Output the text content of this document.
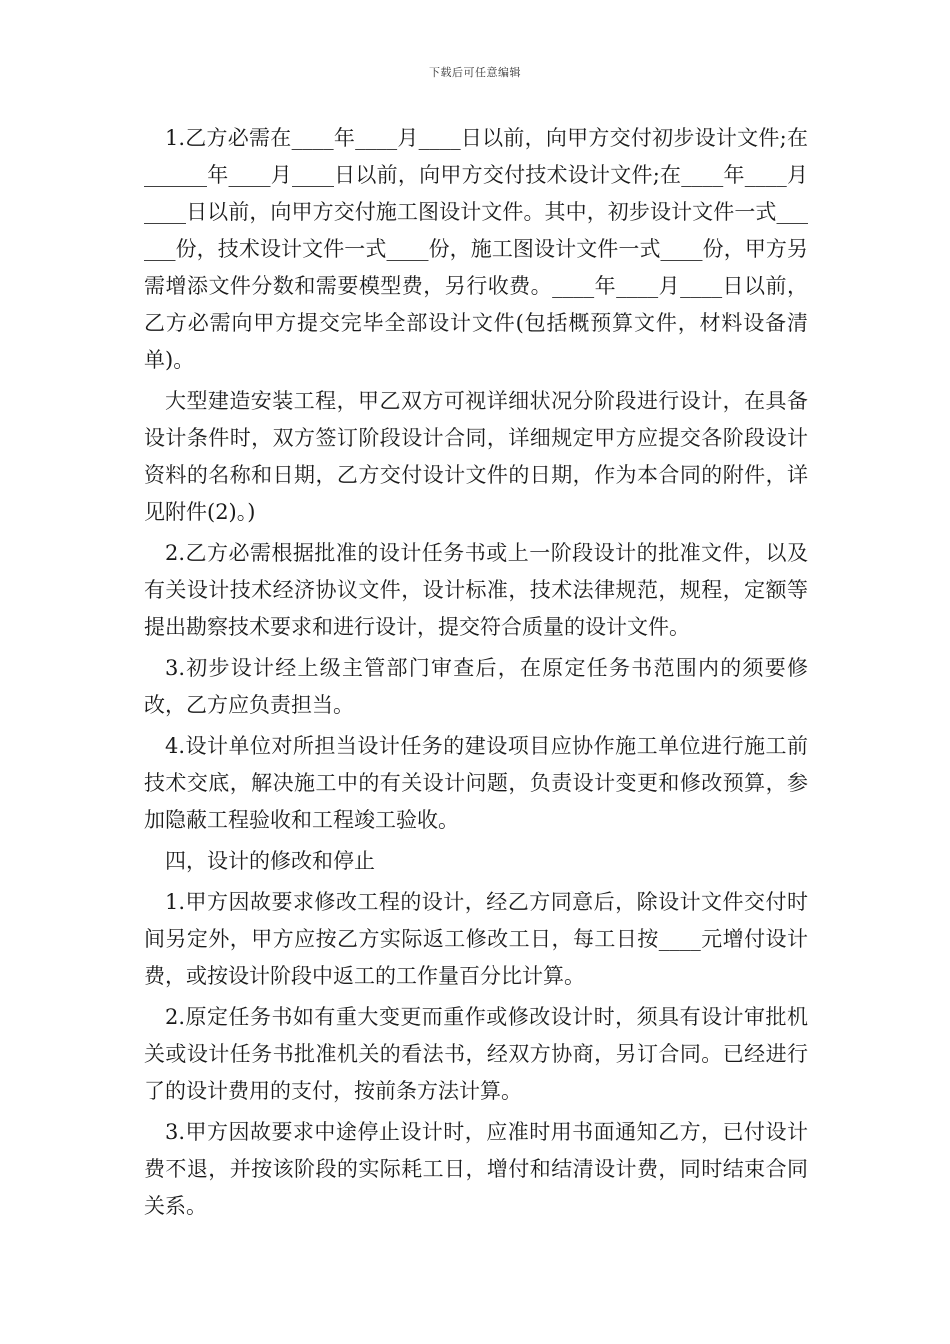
下载后可任意编辑

1.乙方必需在____年____月____日以前，向甲方交付初步设计文件;在 ______年____月____日以前，向甲方交付技术设计文件;在____年____月____日以前，向甲方交付施工图设计文件。其中，初步设计文件一式______份，技术设计文件一式____份，施工图设计文件一式____份，甲方另需增添文件分数和需要模型费，另行收费。____年____月____日以前，乙方必需向甲方提交完毕全部设计文件(包括概预算文件，材料设备清单)。

大型建造安装工程，甲乙双方可视详细状况分阶段进行设计，在具备设计条件时，双方签订阶段设计合同，详细规定甲方应提交各阶段设计资料的名称和日期，乙方交付设计文件的日期，作为本合同的附件，详见附件(2)。)

2.乙方必需根据批准的设计任务书或上一阶段设计的批准文件，以及有关设计技术经济协议文件，设计标准，技术法律规范，规程，定额等提出勘察技术要求和进行设计，提交符合质量的设计文件。

3.初步设计经上级主管部门审查后，在原定任务书范围内的须要修改，乙方应负责担当。

4.设计单位对所担当设计任务的建设项目应协作施工单位进行施工前技术交底，解决施工中的有关设计问题，负责设计变更和修改预算，参加隐蔽工程验收和工程竣工验收。

四，设计的修改和停止

1.甲方因故要求修改工程的设计，经乙方同意后，除设计文件交付时间另定外，甲方应按乙方实际返工修改工日，每工日按____元增付设计费，或按设计阶段中返工的工作量百分比计算。

2.原定任务书如有重大变更而重作或修改设计时，须具有设计审批机关或设计任务书批准机关的看法书，经双方协商，另订合同。已经进行了的设计费用的支付，按前条方法计算。

3.甲方因故要求中途停止设计时，应准时用书面通知乙方，已付设计费不退，并按该阶段的实际耗工日，增付和结清设计费，同时结束合同关系。
